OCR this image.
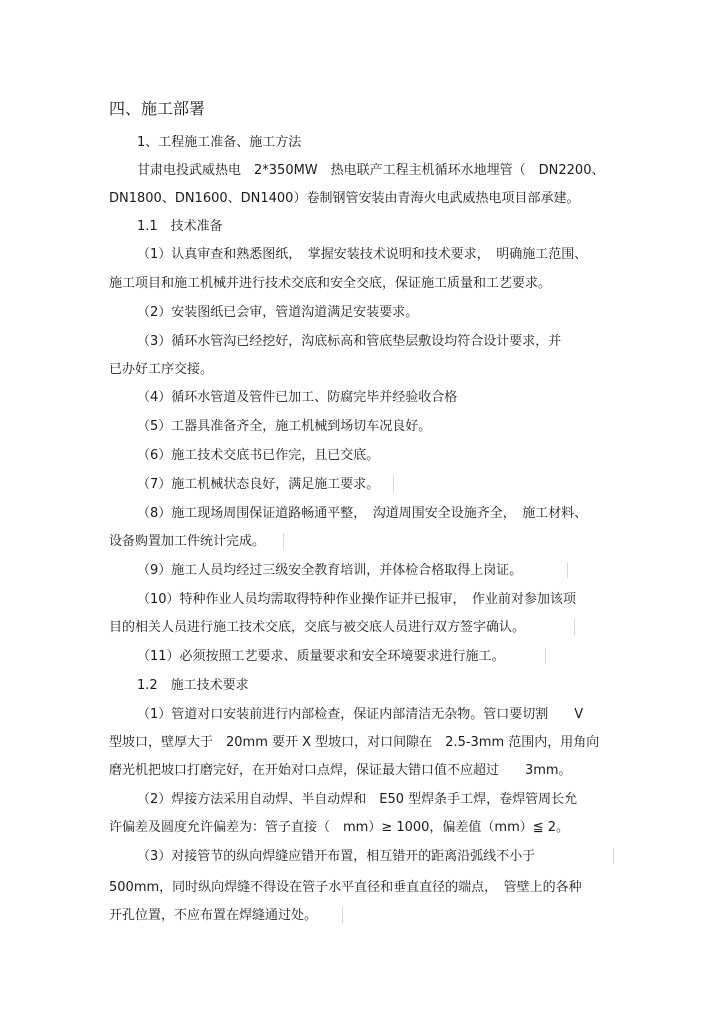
四、施工部署
1、工程施工准备、施工方法
甘肃电投武威热电　2*350MW　热电联产工程主机循环水地埋管（　DN2200、
DN1800、DN1600、DN1400）卷制钢管安装由青海火电武威热电项目部承建。
1.1　技术准备
（1）认真审查和熟悉图纸，　掌握安装技术说明和技术要求，　明确施工范围、
施工项目和施工机械并进行技术交底和安全交底，保证施工质量和工艺要求。
（2）安装图纸已会审，管道沟道满足安装要求。
（3）循环水管沟已经挖好，沟底标高和管底垫层敷设均符合设计要求，并
已办好工序交接。
（4）循环水管道及管件已加工、防腐完毕并经验收合格
（5）工器具准备齐全，施工机械到场切车况良好。
（6）施工技术交底书已作完，且已交底。
（7）施工机械状态良好，满足施工要求。
（8）施工现场周围保证道路畅通平整，　沟道周围安全设施齐全，　施工材料、
设备购置加工件统计完成。
（9）施工人员均经过三级安全教育培训，并体检合格取得上岗证。
（10）特种作业人员均需取得特种作业操作证并已报审，　作业前对参加该项
目的相关人员进行施工技术交底，交底与被交底人员进行双方签字确认。
（11）必须按照工艺要求、质量要求和安全环境要求进行施工。
1.2　施工技术要求
（1）管道对口安装前进行内部检查，保证内部清洁无杂物。管口要切割　　V
型坡口，壁厚大于　20mm 要开 X 型坡口，对口间隙在　2.5-3mm 范围内，用角向
磨光机把坡口打磨完好，在开始对口点焊，保证最大错口值不应超过　　3mm。
（2）焊接方法采用自动焊、半自动焊和　E50 型焊条手工焊，卷焊管周长允
许偏差及圆度允许偏差为：管子直接（　mm）≥ 1000，偏差值（mm）≦ 2。
（3）对接管节的纵向焊缝应错开布置，相互错开的距离沿弧线不小于
500mm，同时纵向焊缝不得设在管子水平直径和垂直直径的端点，　管壁上的各种
开孔位置，不应布置在焊缝通过处。
